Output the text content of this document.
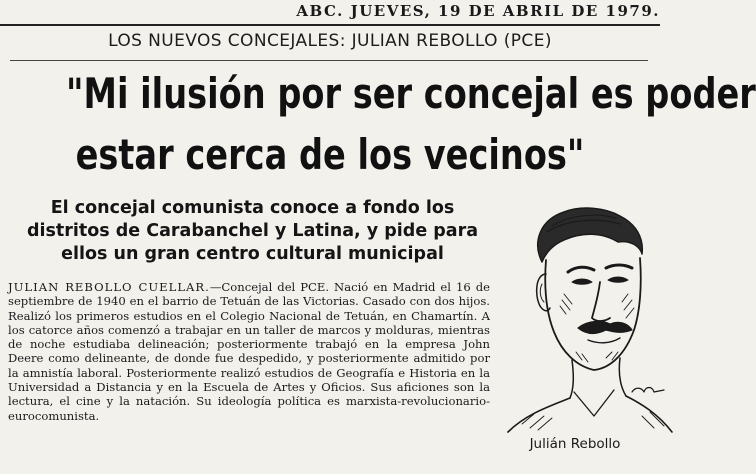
ABC. JUEVES, 19 DE ABRIL DE 1979.
LOS NUEVOS CONCEJALES: JULIAN REBOLLO (PCE)
"Mi ilusión por ser concejal es poder
estar cerca de los vecinos"

El concejal comunista conoce a fondo los distritos de Carabanchel y Latina, y pide para ellos un gran centro cultural municipal

JULIAN REBOLLO CUELLAR.—Concejal del PCE. Nació en Madrid el 16 de septiembre de 1940 en el barrio de Tetuán de las Victorias. Casado con dos hijos. Realizó los primeros estudios en el Colegio Nacional de Tetuán, en Chamartín. A los catorce años comenzó a trabajar en un taller de marcos y molduras, mientras de noche estudiaba delineación; posteriormente trabajó en la empresa John Deere como delineante, de donde fue despedido, y posteriormente admitido por la amnistía laboral. Posteriormente realizó estudios de Geografía e Historia en la Universidad a Distancia y en la Escuela de Artes y Oficios. Sus aficiones son la lectura, el cine y la natación. Su ideología política es marxista-revolucionario-eurocomunista.

Julián Rebollo
